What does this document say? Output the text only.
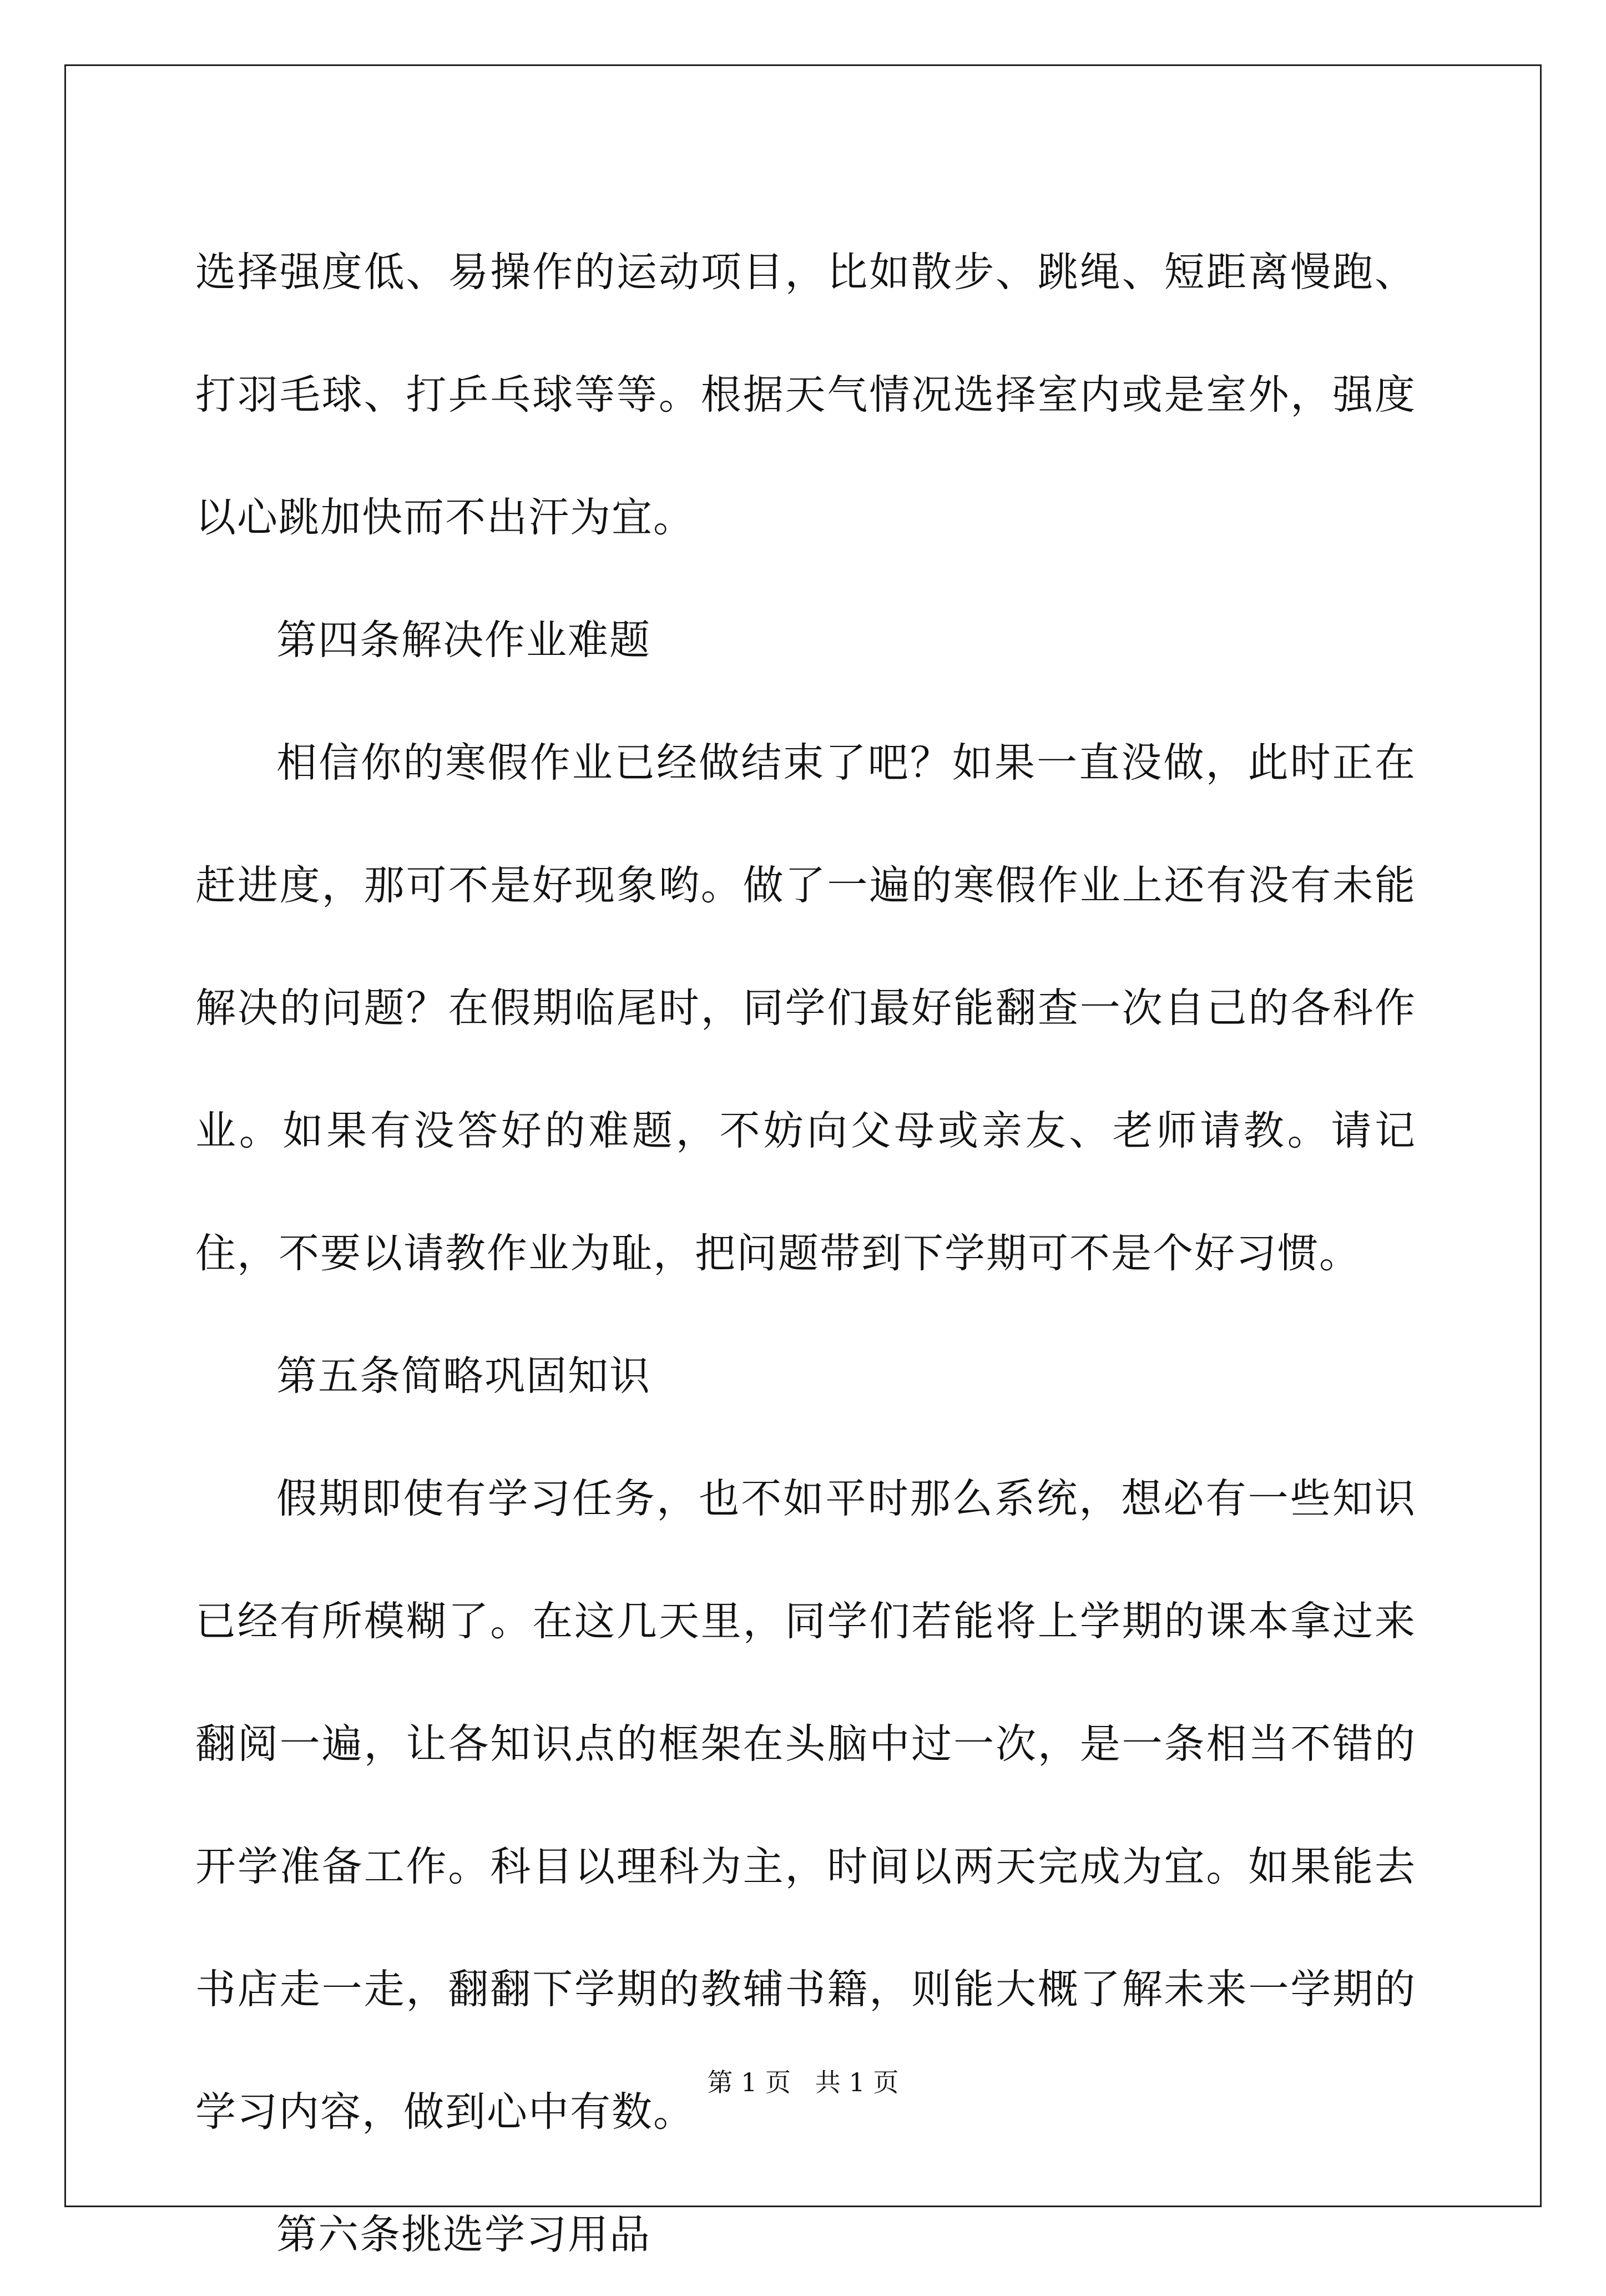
选择强度低、易操作的运动项目，比如散步、跳绳、短距离慢跑、打羽毛球、打乒乓球等等。根据天气情况选择室内或是室外，强度以心跳加快而不出汗为宜。

第四条解决作业难题

相信你的寒假作业已经做结束了吧？如果一直没做，此时正在赶进度，那可不是好现象哟。做了一遍的寒假作业上还有没有未能解决的问题？在假期临尾时，同学们最好能翻查一次自己的各科作业。如果有没答好的难题，不妨向父母或亲友、老师请教。请记住，不要以请教作业为耻，把问题带到下学期可不是个好习惯。

第五条简略巩固知识

假期即使有学习任务，也不如平时那么系统，想必有一些知识已经有所模糊了。在这几天里，同学们若能将上学期的课本拿过来翻阅一遍，让各知识点的框架在头脑中过一次，是一条相当不错的开学准备工作。科目以理科为主，时间以两天完成为宜。如果能去书店走一走，翻翻下学期的教辅书籍，则能大概了解未来一学期的学习内容，做到心中有数。

第六条挑选学习用品

第 1 页   共 1 页
